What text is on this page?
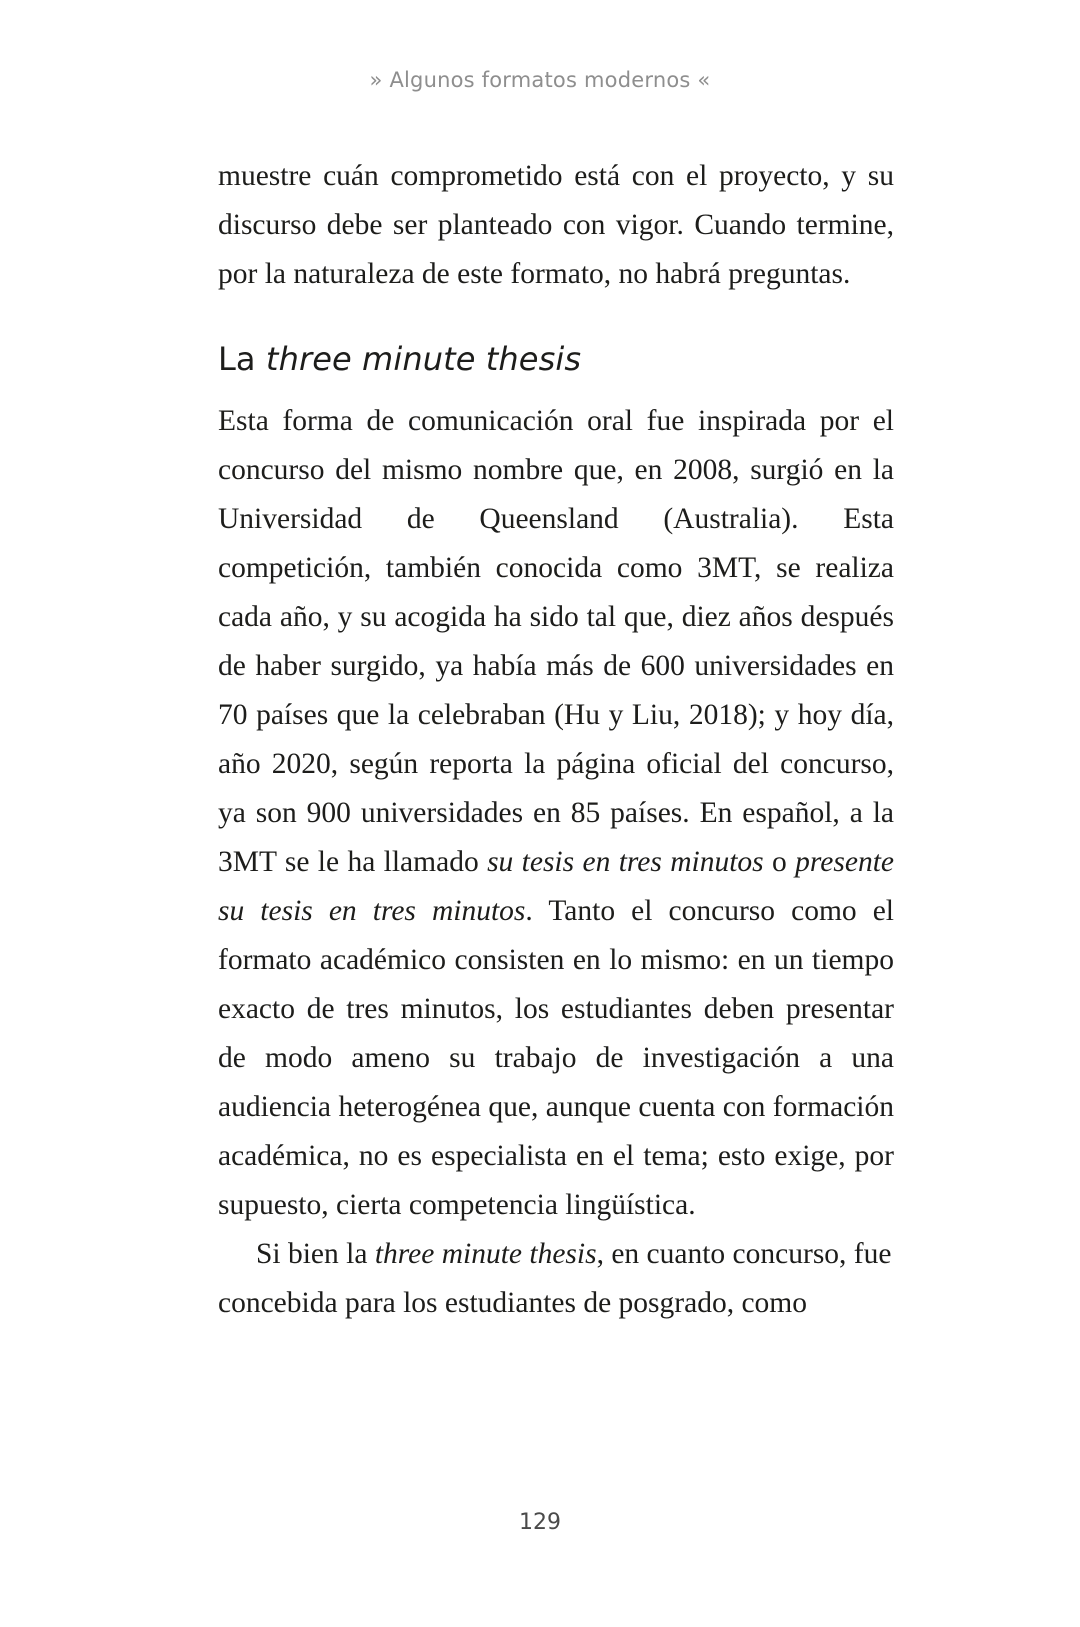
» Algunos formatos modernos «

muestre cuán comprometido está con el proyecto, y su discurso debe ser planteado con vigor. Cuando termine, por la naturaleza de este formato, no habrá preguntas.

La three minute thesis

Esta forma de comunicación oral fue inspirada por el concurso del mismo nombre que, en 2008, surgió en la Universidad de Queensland (Australia). Esta competición, también conocida como 3MT, se realiza cada año, y su acogida ha sido tal que, diez años después de haber surgido, ya había más de 600 universidades en 70 países que la celebraban (Hu y Liu, 2018); y hoy día, año 2020, según reporta la página oficial del concurso, ya son 900 universidades en 85 países. En español, a la 3MT se le ha llamado su tesis en tres minutos o presente su tesis en tres minutos. Tanto el concurso como el formato académico consisten en lo mismo: en un tiempo exacto de tres minutos, los estudiantes deben presentar de modo ameno su trabajo de investigación a una audiencia heterogénea que, aunque cuenta con formación académica, no es especialista en el tema; esto exige, por supuesto, cierta competencia lingüística.

Si bien la three minute thesis, en cuanto concurso, fue concebida para los estudiantes de posgrado, como

129
